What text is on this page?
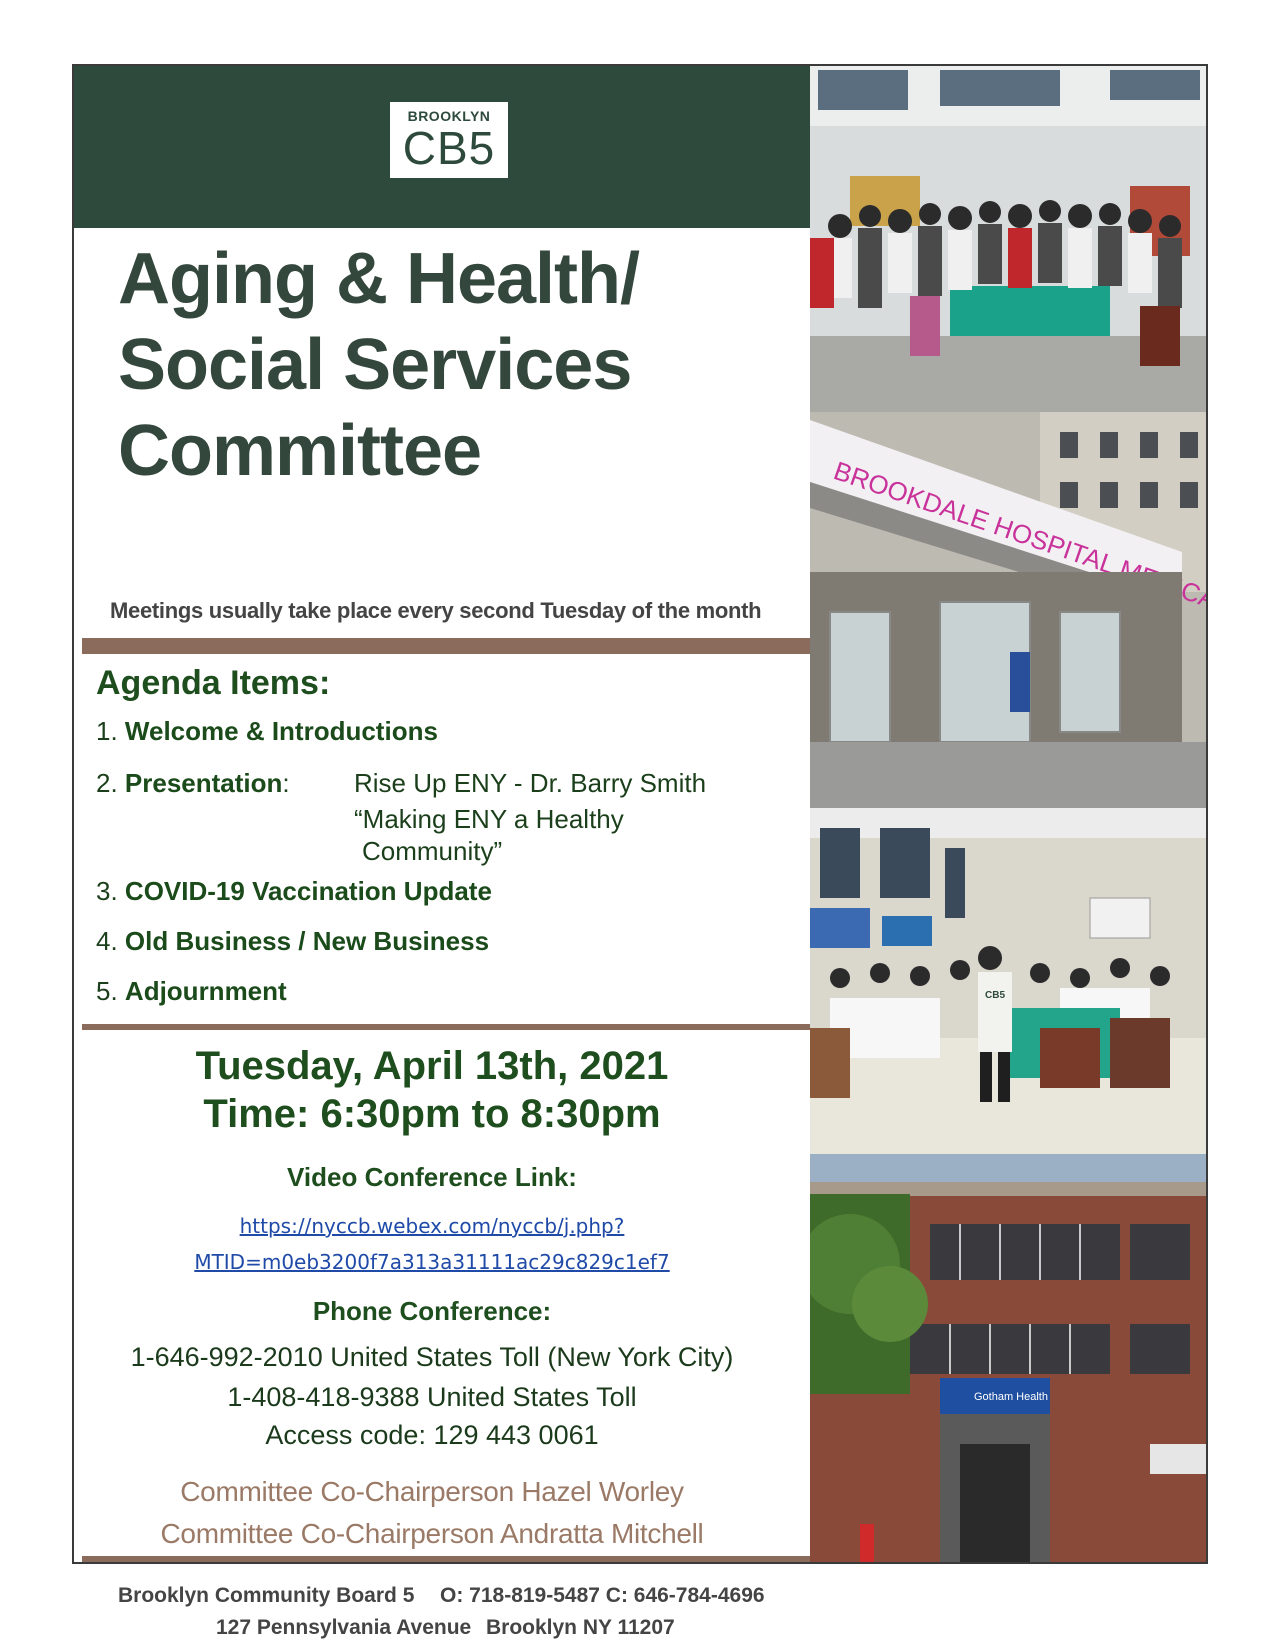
BROOKLYN
CB5
Aging & Health/
Social Services
Committee
Meetings usually take place every second Tuesday of the month
Agenda Items:
1. Welcome & Introductions
2. Presentation: Rise Up ENY - Dr. Barry Smith
“Making ENY a Healthy
Community”
3. COVID-19 Vaccination Update
4. Old Business / New Business
5. Adjournment
Tuesday, April 13th, 2021
Time: 6:30pm to 8:30pm
Video Conference Link:
https://nyccb.webex.com/nyccb/j.php?
MTID=m0eb3200f7a313a31111ac29c829c1ef7
Phone Conference:
1-646-992-2010 United States Toll (New York City)
1-408-418-9388 United States Toll
Access code: 129 443 0061
Committee Co-Chairperson Hazel Worley
Committee Co-Chairperson Andratta Mitchell
BROOKDALE HOSPITAL
CB5
Gotham Health
Brooklyn Community Board 5 O: 718-819-5487 C: 646-784-4696
127 Pennsylvania Avenue Brooklyn NY 11207
